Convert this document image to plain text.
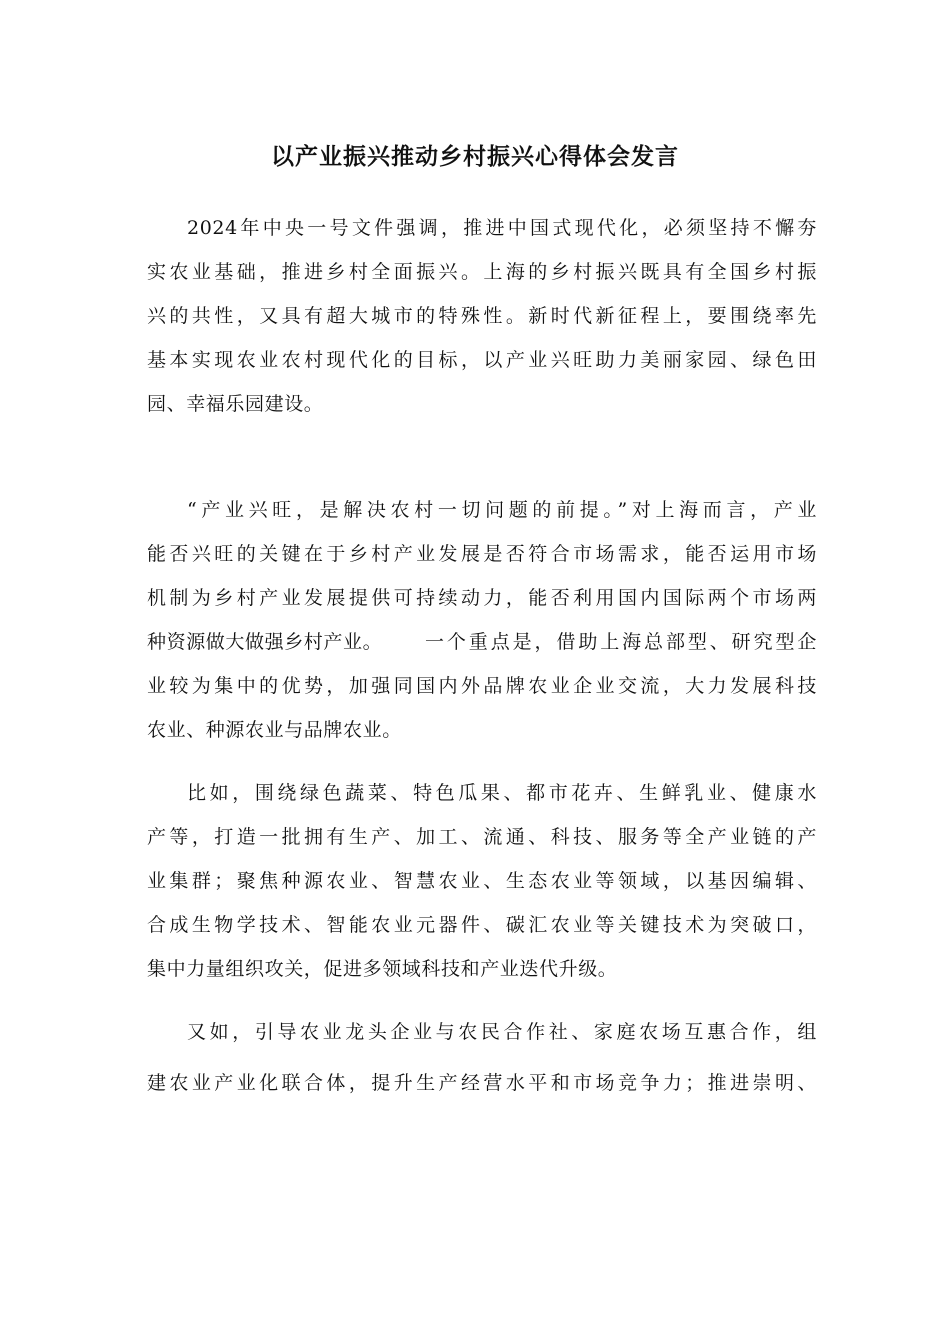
以产业振兴推动乡村振兴心得体会发言

2024年中央一号文件强调，推进中国式现代化，必须坚持不懈夯

实农业基础，推进乡村全面振兴。上海的乡村振兴既具有全国乡村振

兴的共性，又具有超大城市的特殊性。新时代新征程上，要围绕率先

基本实现农业农村现代化的目标，以产业兴旺助力美丽家园、绿色田

园、幸福乐园建设。

“产业兴旺，是解决农村一切问题的前提。”对上海而言，产业

能否兴旺的关键在于乡村产业发展是否符合市场需求，能否运用市场

机制为乡村产业发展提供可持续动力，能否利用国内国际两个市场两

种资源做大做强乡村产业。	一个重点是，借助上海总部型、研究型企

业较为集中的优势，加强同国内外品牌农业企业交流，大力发展科技

农业、种源农业与品牌农业。

比如，围绕绿色蔬菜、特色瓜果、都市花卉、生鲜乳业、健康水

产等，打造一批拥有生产、加工、流通、科技、服务等全产业链的产

业集群；聚焦种源农业、智慧农业、生态农业等领域，以基因编辑、

合成生物学技术、智能农业元器件、碳汇农业等关键技术为突破口，

集中力量组织攻关，促进多领域科技和产业迭代升级。

又如，引导农业龙头企业与农民合作社、家庭农场互惠合作，组

建农业产业化联合体，提升生产经营水平和市场竞争力；推进崇明、
